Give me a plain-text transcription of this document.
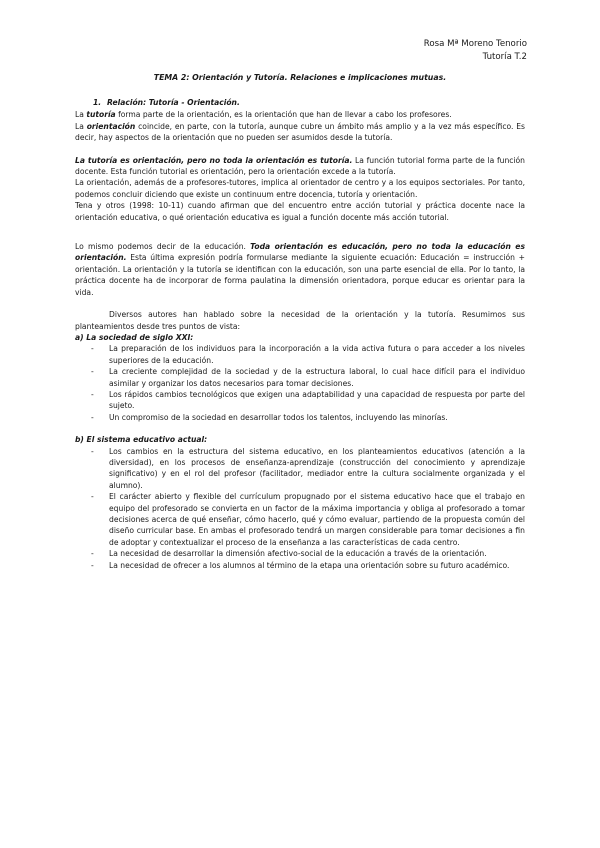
Rosa Mª Moreno Tenorio
Tutoría T.2
TEMA 2: Orientación y Tutoría. Relaciones e implicaciones mutuas.
1. Relación: Tutoría - Orientación.

La tutoría forma parte de la orientación, es la orientación que han de llevar a cabo los profesores.

La orientación coincide, en parte, con la tutoría, aunque cubre un ámbito más amplio y a la vez más específico. Es decir, hay aspectos de la orientación que no pueden ser asumidos desde la tutoría.

La tutoría es orientación, pero no toda la orientación es tutoría. La función tutorial forma parte de la función docente. Esta función tutorial es orientación, pero la orientación excede a la tutoría.

La orientación, además de a profesores-tutores, implica al orientador de centro y a los equipos sectoriales. Por tanto, podemos concluir diciendo que existe un continuum entre docencia, tutoría y orientación.

Tena y otros (1998: 10-11) cuando afirman que del encuentro entre acción tutorial y práctica docente nace la orientación educativa, o qué orientación educativa es igual a función docente más acción tutorial.

Lo mismo podemos decir de la educación. Toda orientación es educación, pero no toda la educación es orientación. Esta última expresión podría formularse mediante la siguiente ecuación: Educación = instrucción + orientación. La orientación y la tutoría se identifican con la educación, son una parte esencial de ella. Por lo tanto, la práctica docente ha de incorporar de forma paulatina la dimensión orientadora, porque educar es orientar para la vida.

Diversos autores han hablado sobre la necesidad de la orientación y la tutoría. Resumimos sus planteamientos desde tres puntos de vista:

a) La sociedad de siglo XXI:
- La preparación de los individuos para la incorporación a la vida activa futura o para acceder a los niveles superiores de la educación.
- La creciente complejidad de la sociedad y de la estructura laboral, lo cual hace difícil para el individuo asimilar y organizar los datos necesarios para tomar decisiones.
- Los rápidos cambios tecnológicos que exigen una adaptabilidad y una capacidad de respuesta por parte del sujeto.
- Un compromiso de la sociedad en desarrollar todos los talentos, incluyendo las minorías.
b) El sistema educativo actual:
- Los cambios en la estructura del sistema educativo, en los planteamientos educativos (atención a la diversidad), en los procesos de enseñanza-aprendizaje (construcción del conocimiento y aprendizaje significativo) y en el rol del profesor (facilitador, mediador entre la cultura socialmente organizada y el alumno).
- El carácter abierto y flexible del currículum propugnado por el sistema educativo hace que el trabajo en equipo del profesorado se convierta en un factor de la máxima importancia y obliga al profesorado a tomar decisiones acerca de qué enseñar, cómo hacerlo, qué y cómo evaluar, partiendo de la propuesta común del diseño curricular base. En ambas el profesorado tendrá un margen considerable para tomar decisiones a fin de adoptar y contextualizar el proceso de la enseñanza a las características de cada centro.
- La necesidad de desarrollar la dimensión afectivo-social de la educación a través de la orientación.
- La necesidad de ofrecer a los alumnos al término de la etapa una orientación sobre su futuro académico.
